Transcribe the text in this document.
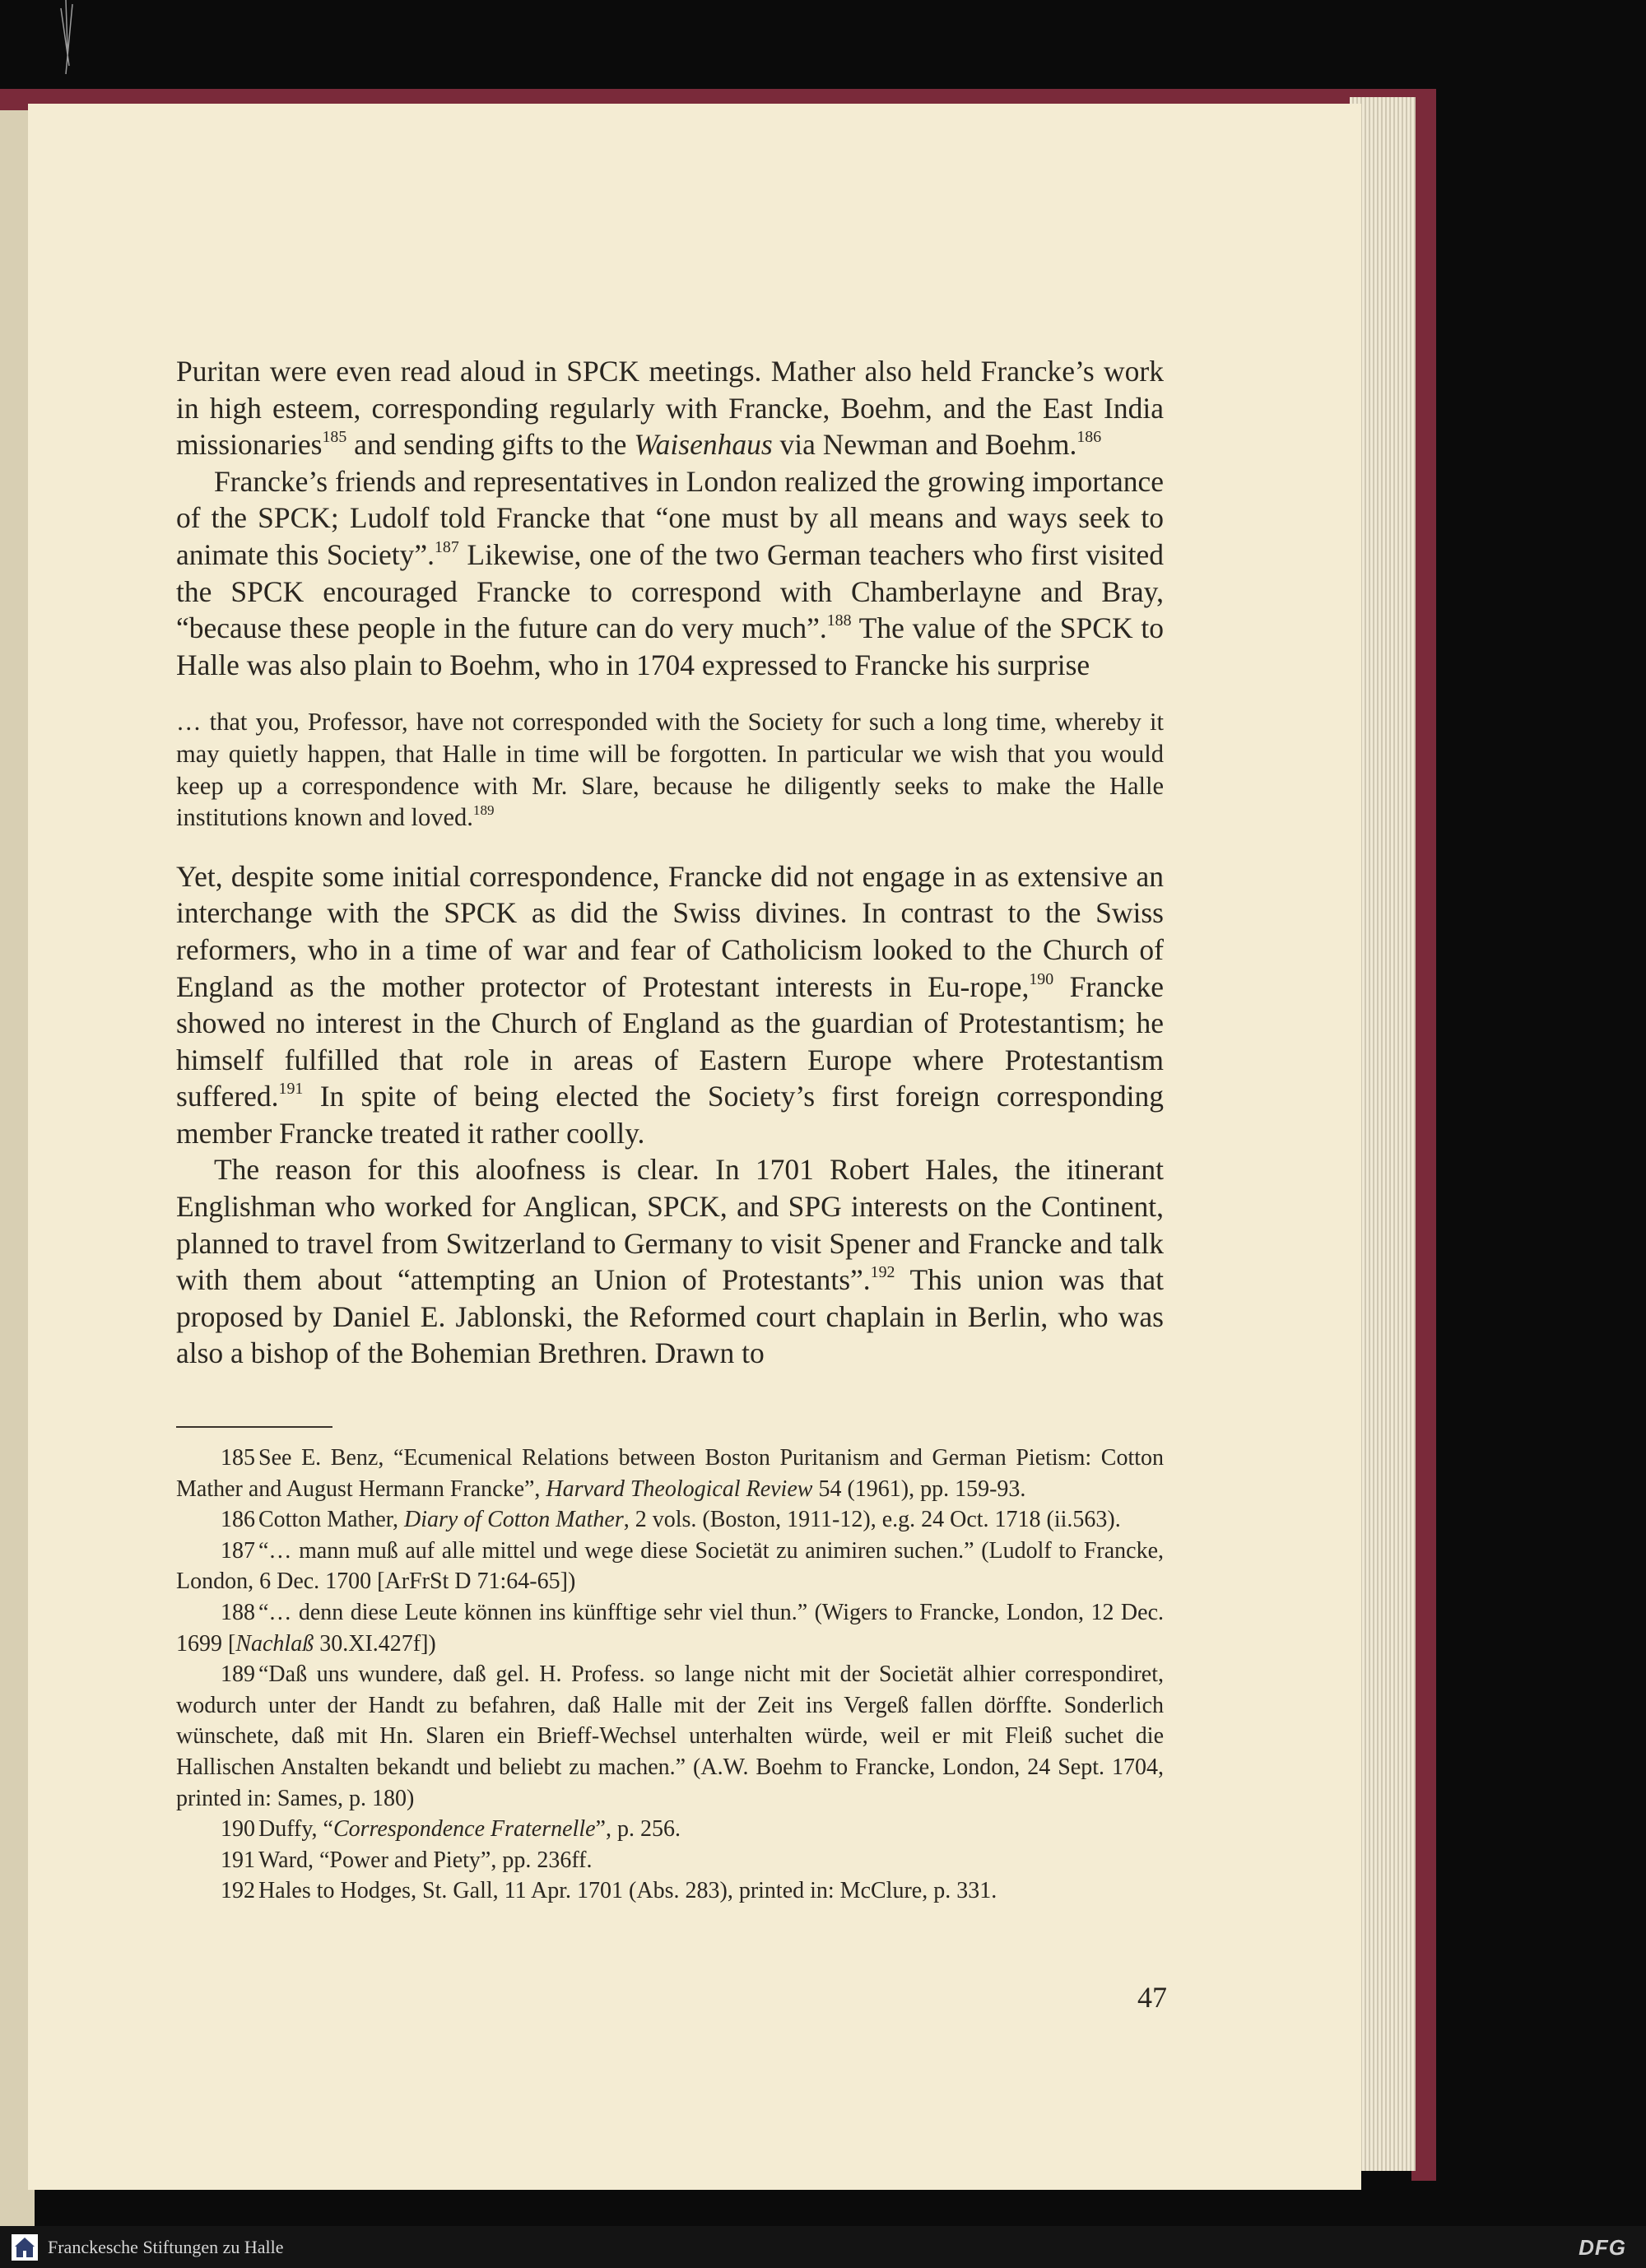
Puritan were even read aloud in SPCK meetings. Mather also held Francke’s work in high esteem, corresponding regularly with Francke, Boehm, and the East India missionaries$^{185}$ and sending gifts to the Waisenhaus via Newman and Boehm.$^{186}$

Francke’s friends and representatives in London realized the growing importance of the SPCK; Ludolf told Francke that “one must by all means and ways seek to animate this Society”.$^{187}$ Likewise, one of the two German teachers who first visited the SPCK encouraged Francke to correspond with Chamberlayne and Bray, “because these people in the future can do very much”.$^{188}$ The value of the SPCK to Halle was also plain to Boehm, who in 1704 expressed to Francke his surprise

… that you, Professor, have not corresponded with the Society for such a long time, whereby it may quietly happen, that Halle in time will be forgotten. In particular we wish that you would keep up a correspondence with Mr. Slare, because he diligently seeks to make the Halle institutions known and loved.$^{189}$

Yet, despite some initial correspondence, Francke did not engage in as extensive an interchange with the SPCK as did the Swiss divines. In contrast to the Swiss reformers, who in a time of war and fear of Catholicism looked to the Church of England as the mother protector of Protestant interests in Eu-rope,$^{190}$ Francke showed no interest in the Church of England as the guardian of Protestantism; he himself fulfilled that role in areas of Eastern Europe where Protestantism suffered.$^{191}$ In spite of being elected the Society’s first foreign corresponding member Francke treated it rather coolly.

The reason for this aloofness is clear. In 1701 Robert Hales, the itinerant Englishman who worked for Anglican, SPCK, and SPG interests on the Continent, planned to travel from Switzerland to Germany to visit Spener and Francke and talk with them about “attempting an Union of Protestants”.$^{192}$ This union was that proposed by Daniel E. Jablonski, the Reformed court chaplain in Berlin, who was also a bishop of the Bohemian Brethren. Drawn to

185 See E. Benz, “Ecumenical Relations between Boston Puritanism and German Pietism: Cotton Mather and August Hermann Francke”, Harvard Theological Review 54 (1961), pp. 159-93.

186 Cotton Mather, Diary of Cotton Mather, 2 vols. (Boston, 1911-12), e.g. 24 Oct. 1718 (ii.563).

187 “… mann muß auf alle mittel und wege diese Societät zu animiren suchen.” (Ludolf to Francke, London, 6 Dec. 1700 [ArFrSt D 71:64-65])

188 “… denn diese Leute können ins künfftige sehr viel thun.” (Wigers to Francke, London, 12 Dec. 1699 [Nachlaß 30.XI.427f])

189 “Daß uns wundere, daß gel. H. Profess. so lange nicht mit der Societät alhier correspondiret, wodurch unter der Handt zu befahren, daß Halle mit der Zeit ins Vergeß fallen dörffte. Sonderlich wünschete, daß mit Hn. Slaren ein Brieff-Wechsel unterhalten würde, weil er mit Fleiß suchet die Hallischen Anstalten bekandt und beliebt zu machen.” (A.W. Boehm to Francke, London, 24 Sept. 1704, printed in: Sames, p. 180)

190 Duffy, “Correspondence Fraternelle”, p. 256.

191 Ward, “Power and Piety”, pp. 236ff.

192 Hales to Hodges, St. Gall, 11 Apr. 1701 (Abs. 283), printed in: McClure, p. 331.

47
Franckesche Stiftungen zu Halle	DFG
